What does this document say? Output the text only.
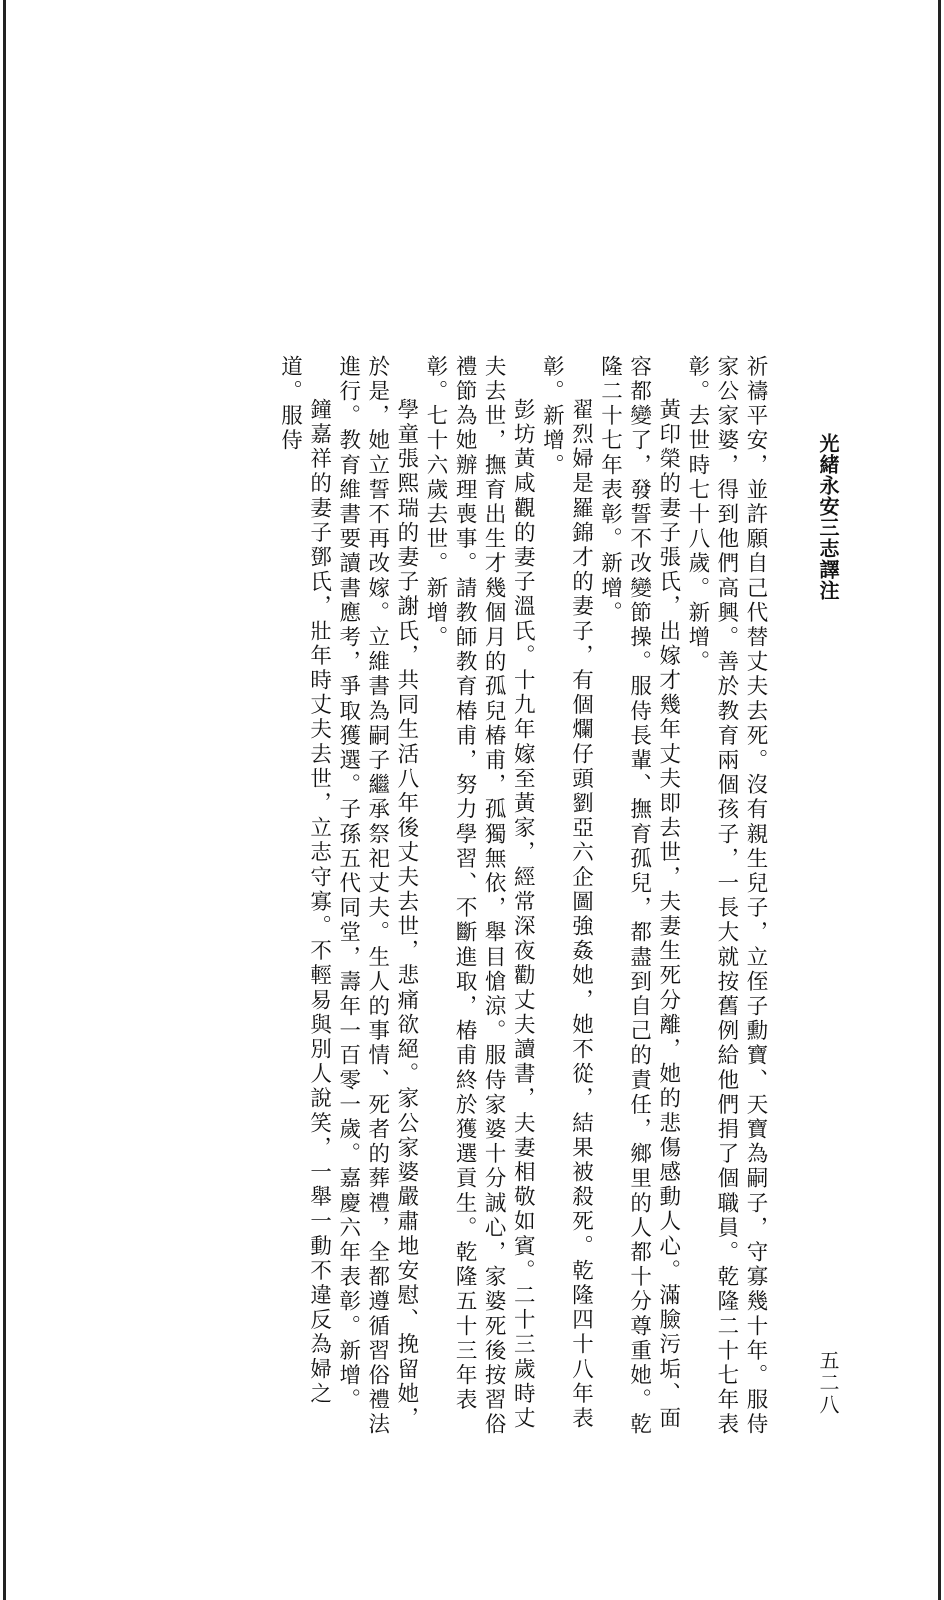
光緒永安三志譯注
五二八

祈禱平安，並許願自己代替丈夫去死。沒有親生兒子，立侄子勳寶、天寶為嗣子，守寡幾十年。服侍家公家婆，得到他們高興。善於教育兩個孩子，一長大就按舊例給他們捐了個職員。乾隆二十七年表彰。去世時七十八歲。新增。

黃印榮的妻子張氏，出嫁才幾年丈夫即去世，夫妻生死分離，她的悲傷感動人心。滿臉污垢、面容都變了，發誓不改變節操。服侍長輩、撫育孤兒，都盡到自己的責任，鄉里的人都十分尊重她。乾隆二十七年表彰。新增。

翟烈婦是羅錦才的妻子，有個爛仔頭劉亞六企圖強姦她，她不從，結果被殺死。乾隆四十八年表彰。新增。

彭坊黃咸觀的妻子溫氏。十九年嫁至黃家，經常深夜勸丈夫讀書，夫妻相敬如賓。二十三歲時丈夫去世，撫育出生才幾個月的孤兒椿甫，孤獨無依，舉目愴涼。服侍家婆十分誠心，家婆死後按習俗禮節為她辦理喪事。請教師教育椿甫，努力學習、不斷進取，椿甫終於獲選貢生。乾隆五十三年表彰。七十六歲去世。新增。

學童張熙瑞的妻子謝氏，共同生活八年後丈夫去世，悲痛欲絕。家公家婆嚴肅地安慰、挽留她，於是，她立誓不再改嫁。立維書為嗣子繼承祭祀丈夫。生人的事情、死者的葬禮，全都遵循習俗禮法進行。教育維書要讀書應考，爭取獲選。子孫五代同堂，壽年一百零一歲。嘉慶六年表彰。新增。

鐘嘉祥的妻子鄧氏，壯年時丈夫去世，立志守寡。不輕易與別人說笑，一舉一動不違反為婦之道。服侍
